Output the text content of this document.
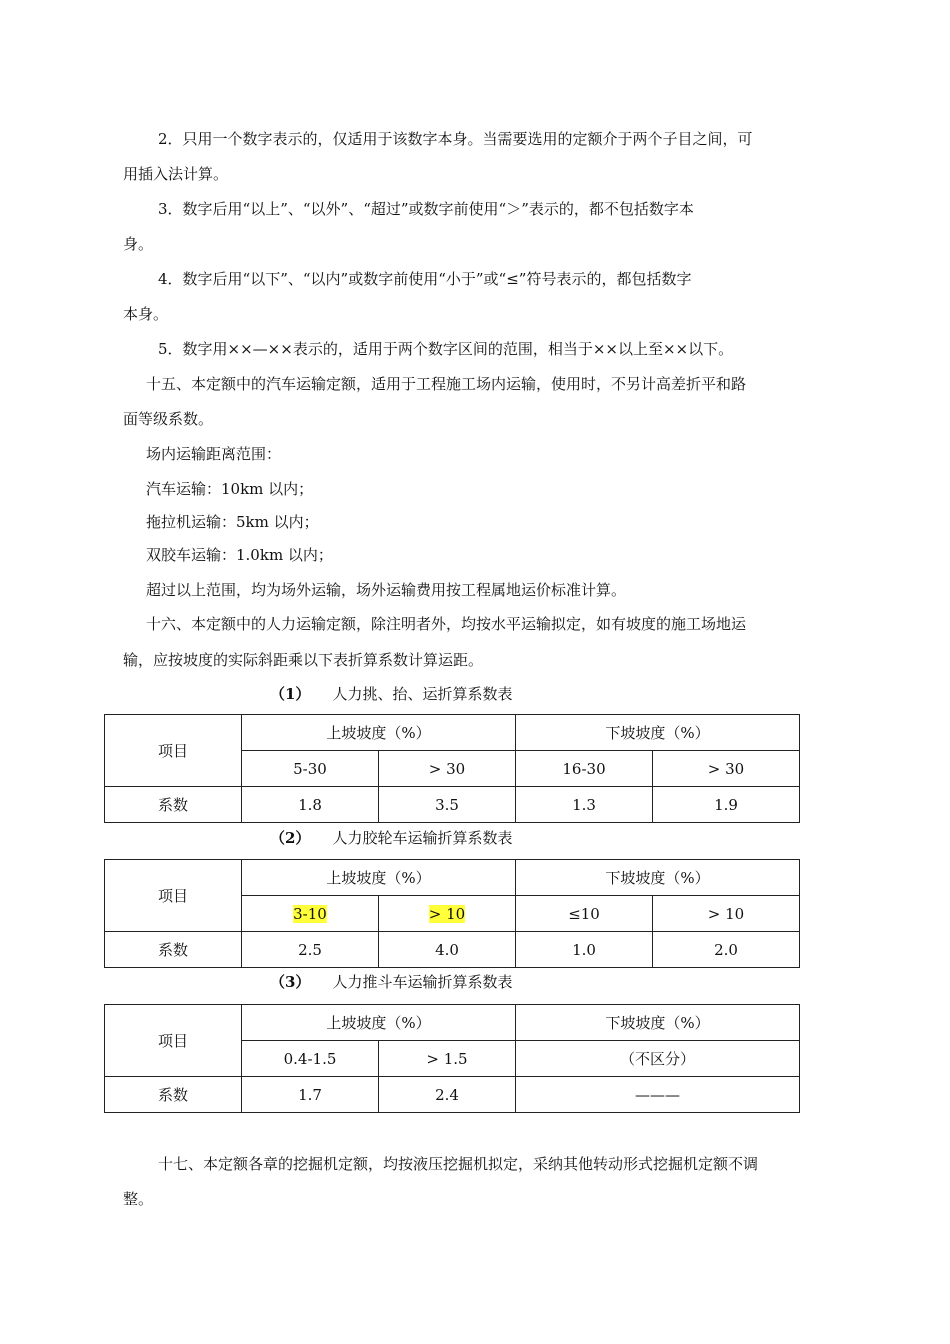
2．只用一个数字表示的，仅适用于该数字本身。当需要选用的定额介于两个子目之间，可
用插入法计算。
3．数字后用“以上”、“以外”、“超过”或数字前使用“＞”表示的，都不包括数字本
身。
4．数字后用“以下”、“以内”或数字前使用“小于”或“≤”符号表示的，都包括数字
本身。
5．数字用××—××表示的，适用于两个数字区间的范围，相当于××以上至××以下。
十五、本定额中的汽车运输定额，适用于工程施工场内运输，使用时，不另计高差折平和路
面等级系数。
场内运输距离范围：
汽车运输：10km 以内；
拖拉机运输：5km 以内；
双胶车运输：1.0km 以内；
超过以上范围，均为场外运输，场外运输费用按工程属地运价标准计算。
十六、本定额中的人力运输定额，除注明者外，均按水平运输拟定，如有坡度的施工场地运
输，应按坡度的实际斜距乘以下表折算系数计算运距。
（1） 人力挑、抬、运折算系数表
项目	上坡坡度（%）		下坡坡度（%）	
	5-30	> 30	16-30	> 30
系数	1.8	3.5	1.3	1.9
（2） 人力胶轮车运输折算系数表
项目	上坡坡度（%）		下坡坡度（%）	
	3-10	> 10	≤10	> 10
系数	2.5	4.0	1.0	2.0
（3） 人力推斗车运输折算系数表
项目	上坡坡度（%）		下坡坡度（%）
	0.4-1.5	> 1.5	（不区分）
系数	1.7	2.4	———
十七、本定额各章的挖掘机定额，均按液压挖掘机拟定，采纳其他转动形式挖掘机定额不调
整。
